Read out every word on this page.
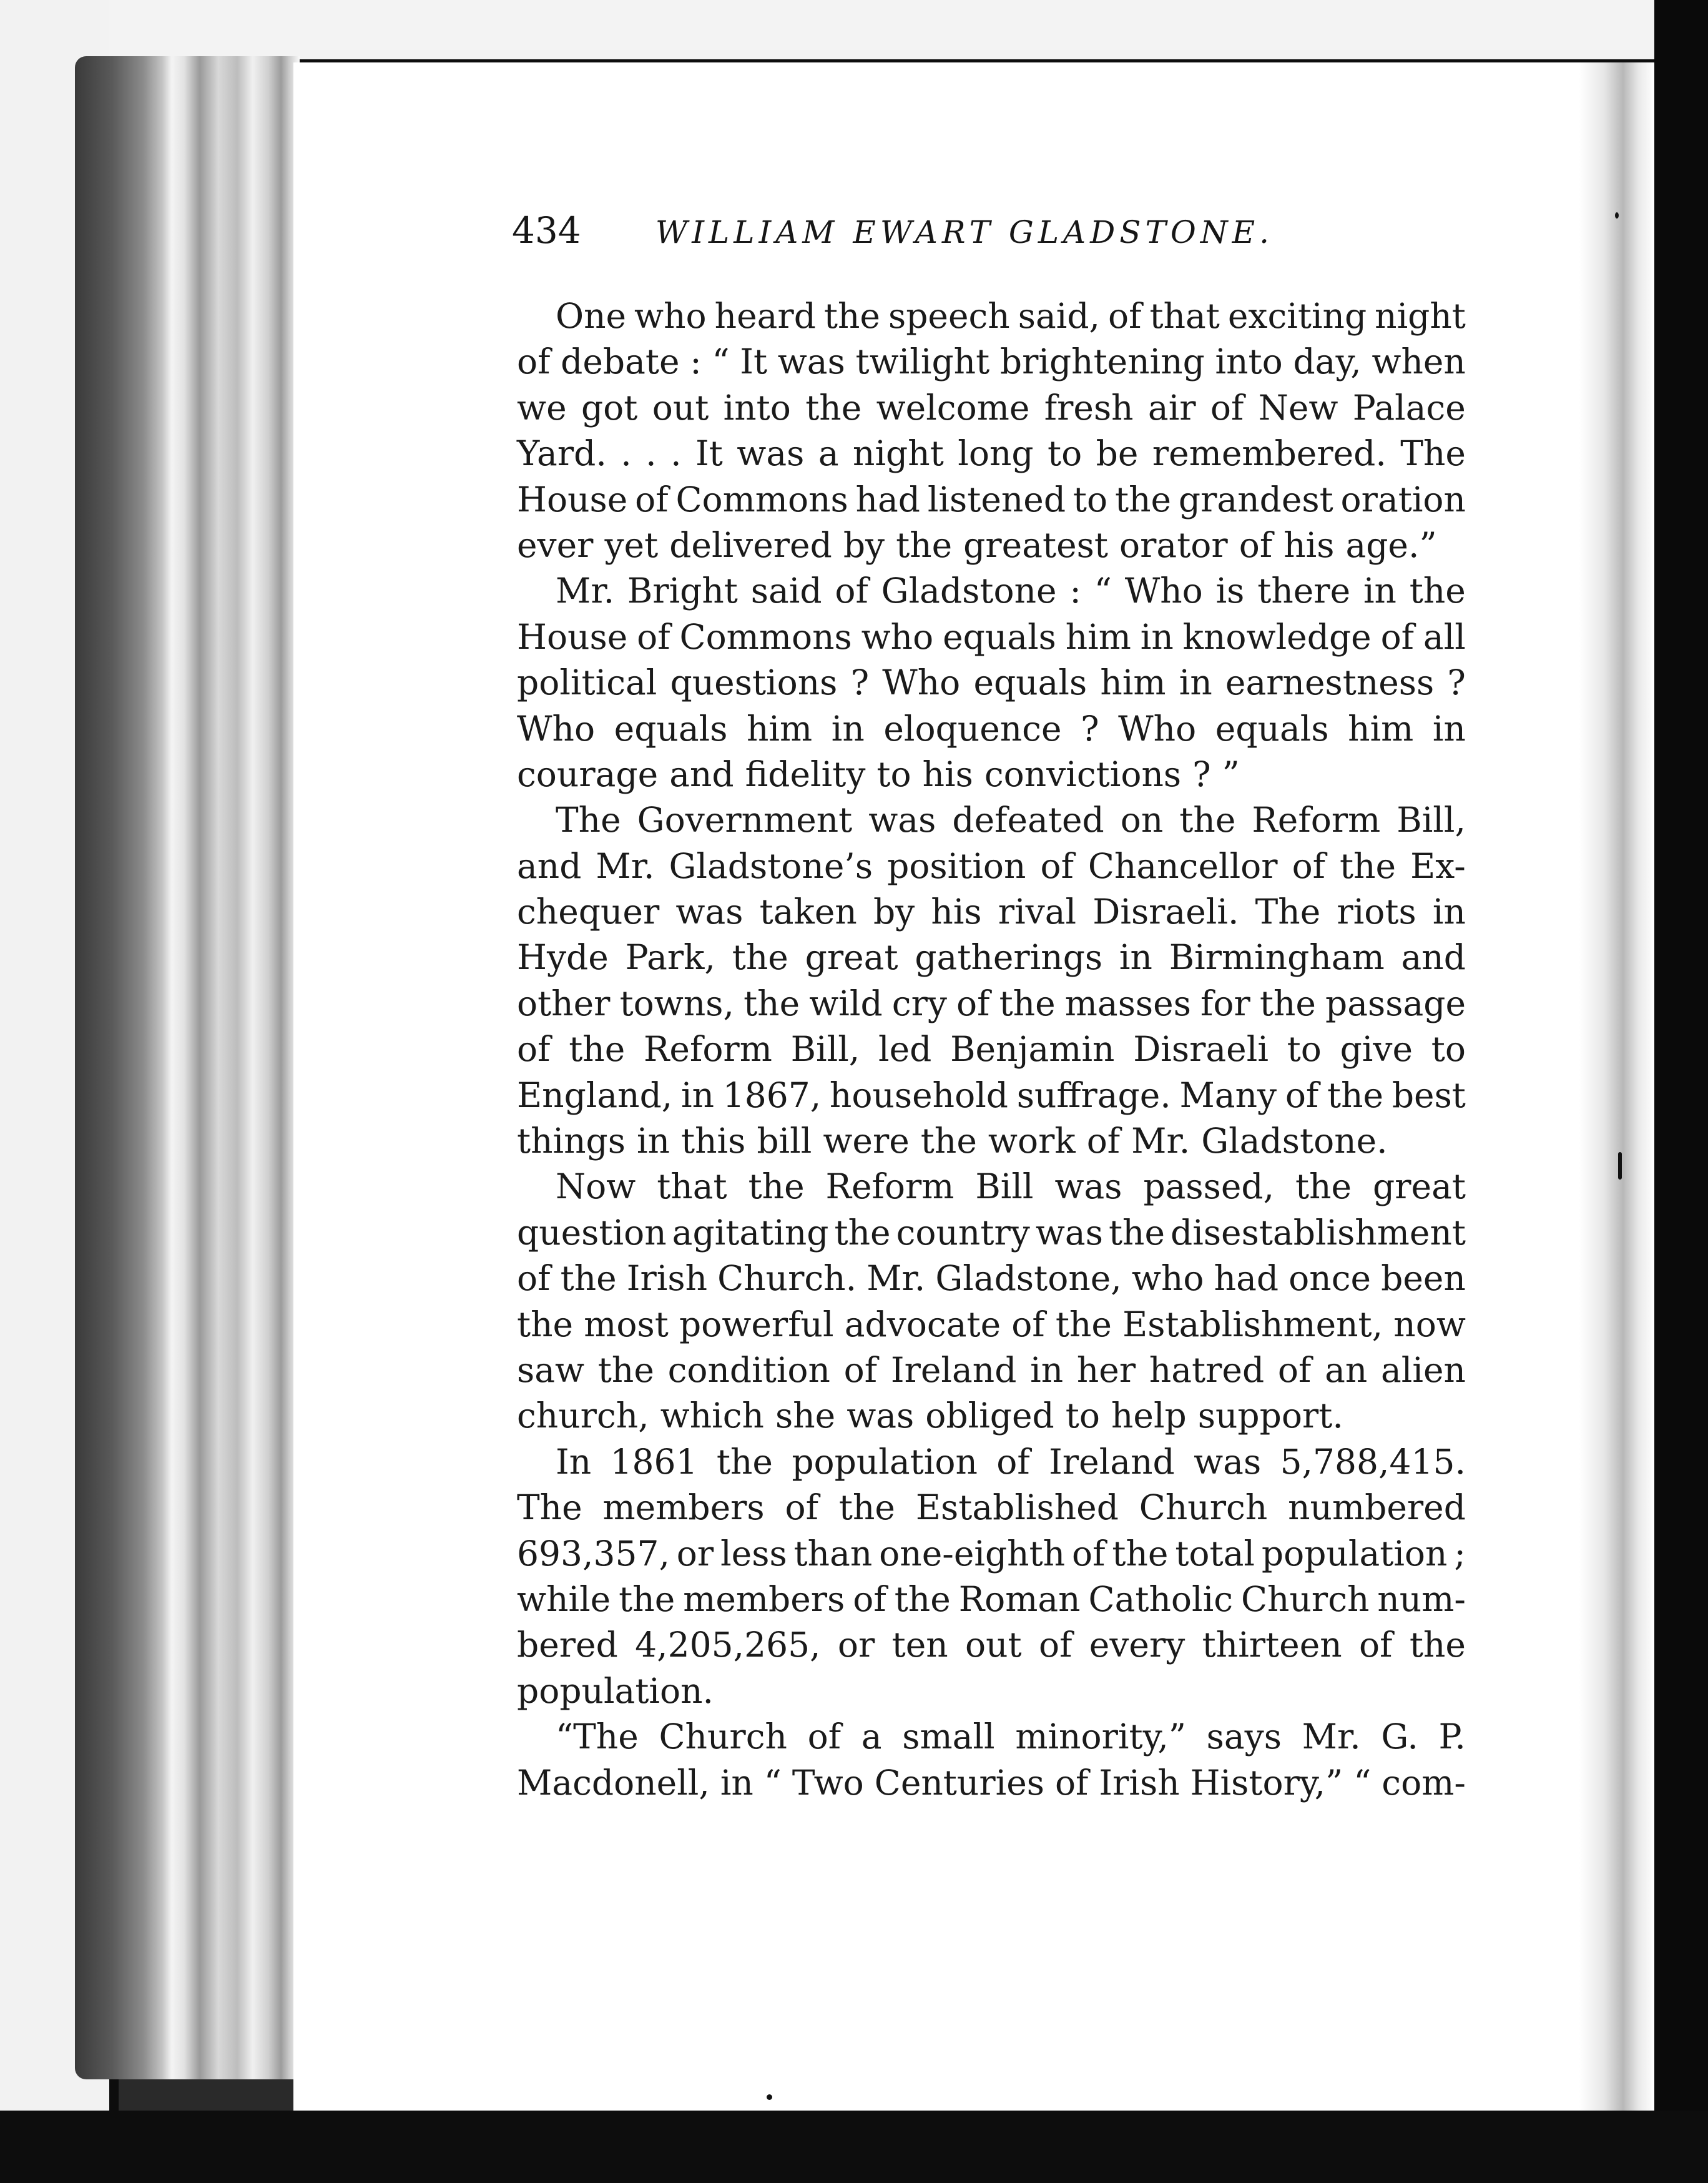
434 WILLIAM EWART GLADSTONE.
One who heard the speech said, of that exciting night
of debate : “ It was twilight brightening into day, when
we got out into the welcome fresh air of New Palace
Yard. . . . It was a night long to be remembered. The
House of Commons had listened to the grandest oration
ever yet delivered by the greatest orator of his age.”
Mr. Bright said of Gladstone : “ Who is there in the
House of Commons who equals him in knowledge of all
political questions ? Who equals him in earnestness ?
Who equals him in eloquence ? Who equals him in
courage and fidelity to his convictions ? ”
The Government was defeated on the Reform Bill,
and Mr. Gladstone’s position of Chancellor of the Ex-
chequer was taken by his rival Disraeli. The riots in
Hyde Park, the great gatherings in Birmingham and
other towns, the wild cry of the masses for the passage
of the Reform Bill, led Benjamin Disraeli to give to
England, in 1867, household suffrage. Many of the best
things in this bill were the work of Mr. Gladstone.
Now that the Reform Bill was passed, the great
question agitating the country was the disestablishment
of the Irish Church. Mr. Gladstone, who had once been
the most powerful advocate of the Establishment, now
saw the condition of Ireland in her hatred of an alien
church, which she was obliged to help support.
In 1861 the population of Ireland was 5,788,415.
The members of the Established Church numbered
693,357, or less than one-eighth of the total population ;
while the members of the Roman Catholic Church num-
bered 4,205,265, or ten out of every thirteen of the
population.
“The Church of a small minority,” says Mr. G. P.
Macdonell, in “ Two Centuries of Irish History,” “ com-
